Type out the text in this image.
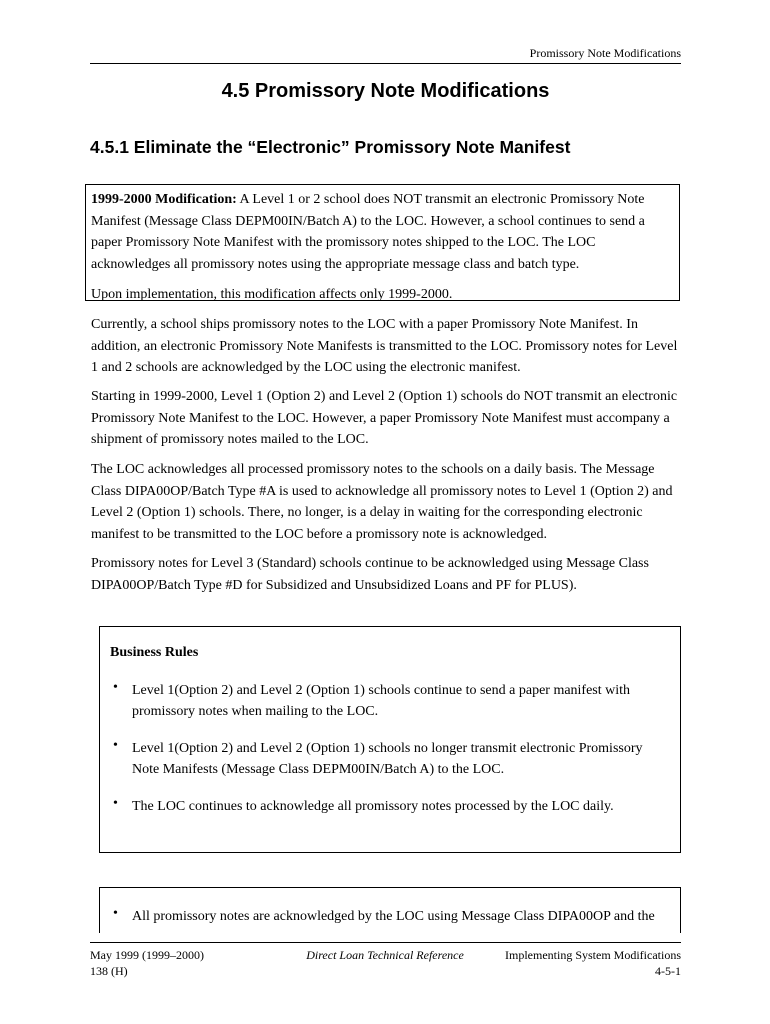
Promissory Note Modifications
4.5 Promissory Note Modifications
4.5.1 Eliminate the “Electronic” Promissory Note Manifest
1999-2000 Modification: A Level 1 or 2 school does NOT transmit an electronic Promissory Note Manifest (Message Class DEPM00IN/Batch A) to the LOC. However, a school continues to send a paper Promissory Note Manifest with the promissory notes shipped to the LOC. The LOC acknowledges all promissory notes using the appropriate message class and batch type.
Upon implementation, this modification affects only 1999-2000.
Currently, a school ships promissory notes to the LOC with a paper Promissory Note Manifest. In addition, an electronic Promissory Note Manifests is transmitted to the LOC. Promissory notes for Level 1 and 2 schools are acknowledged by the LOC using the electronic manifest.
Starting in 1999-2000, Level 1 (Option 2) and Level 2 (Option 1) schools do NOT transmit an electronic Promissory Note Manifest to the LOC. However, a paper Promissory Note Manifest must accompany a shipment of promissory notes mailed to the LOC.
The LOC acknowledges all processed promissory notes to the schools on a daily basis. The Message Class DIPA00OP/Batch Type #A is used to acknowledge all promissory notes to Level 1 (Option 2) and Level 2 (Option 1) schools. There, no longer, is a delay in waiting for the corresponding electronic manifest to be transmitted to the LOC before a promissory note is acknowledged.
Promissory notes for Level 3 (Standard) schools continue to be acknowledged using Message Class DIPA00OP/Batch Type #D for Subsidized and Unsubsidized Loans and PF for PLUS).
Business Rules
• Level 1(Option 2) and Level 2 (Option 1) schools continue to send a paper manifest with promissory notes when mailing to the LOC.
• Level 1(Option 2) and Level 2 (Option 1) schools no longer transmit electronic Promissory Note Manifests (Message Class DEPM00IN/Batch A) to the LOC.
• The LOC continues to acknowledge all promissory notes processed by the LOC daily.
• All promissory notes are acknowledged by the LOC using Message Class DIPA00OP and the
May 1999 (1999–2000)
138 (H)
Direct Loan Technical Reference	Implementing System Modifications
4-5-1
